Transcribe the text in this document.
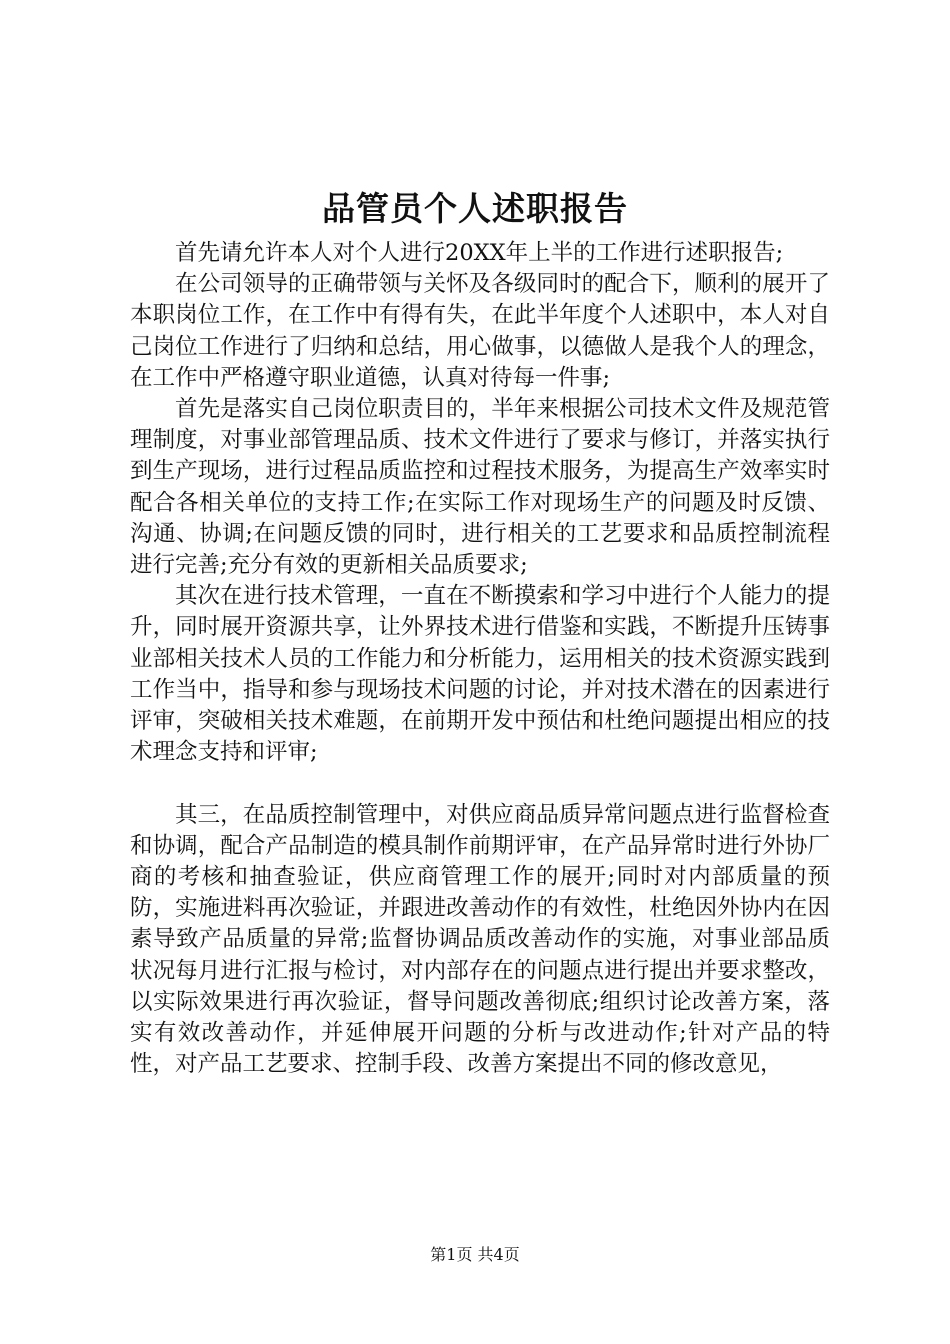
品管员个人述职报告

首先请允许本人对个人进行20XX年上半的工作进行述职报告;

在公司领导的正确带领与关怀及各级同时的配合下，顺利的展开了本职岗位工作，在工作中有得有失，在此半年度个人述职中，本人对自己岗位工作进行了归纳和总结，用心做事，以德做人是我个人的理念，在工作中严格遵守职业道德，认真对待每一件事;

首先是落实自己岗位职责目的，半年来根据公司技术文件及规范管理制度，对事业部管理品质、技术文件进行了要求与修订，并落实执行到生产现场，进行过程品质监控和过程技术服务，为提高生产效率实时配合各相关单位的支持工作;在实际工作对现场生产的问题及时反馈、沟通、协调;在问题反馈的同时，进行相关的工艺要求和品质控制流程进行完善;充分有效的更新相关品质要求;

其次在进行技术管理，一直在不断摸索和学习中进行个人能力的提升，同时展开资源共享，让外界技术进行借鉴和实践，不断提升压铸事业部相关技术人员的工作能力和分析能力，运用相关的技术资源实践到工作当中，指导和参与现场技术问题的讨论，并对技术潜在的因素进行评审，突破相关技术难题，在前期开发中预估和杜绝问题提出相应的技术理念支持和评审;

其三，在品质控制管理中，对供应商品质异常问题点进行监督检查和协调，配合产品制造的模具制作前期评审，在产品异常时进行外协厂商的考核和抽查验证，供应商管理工作的展开;同时对内部质量的预防，实施进料再次验证，并跟进改善动作的有效性，杜绝因外协内在因素导致产品质量的异常;监督协调品质改善动作的实施，对事业部品质状况每月进行汇报与检讨，对内部存在的问题点进行提出并要求整改，以实际效果进行再次验证，督导问题改善彻底;组织讨论改善方案，落实有效改善动作，并延伸展开问题的分析与改进动作;针对产品的特性，对产品工艺要求、控制手段、改善方案提出不同的修改意见，

第1页 共4页
